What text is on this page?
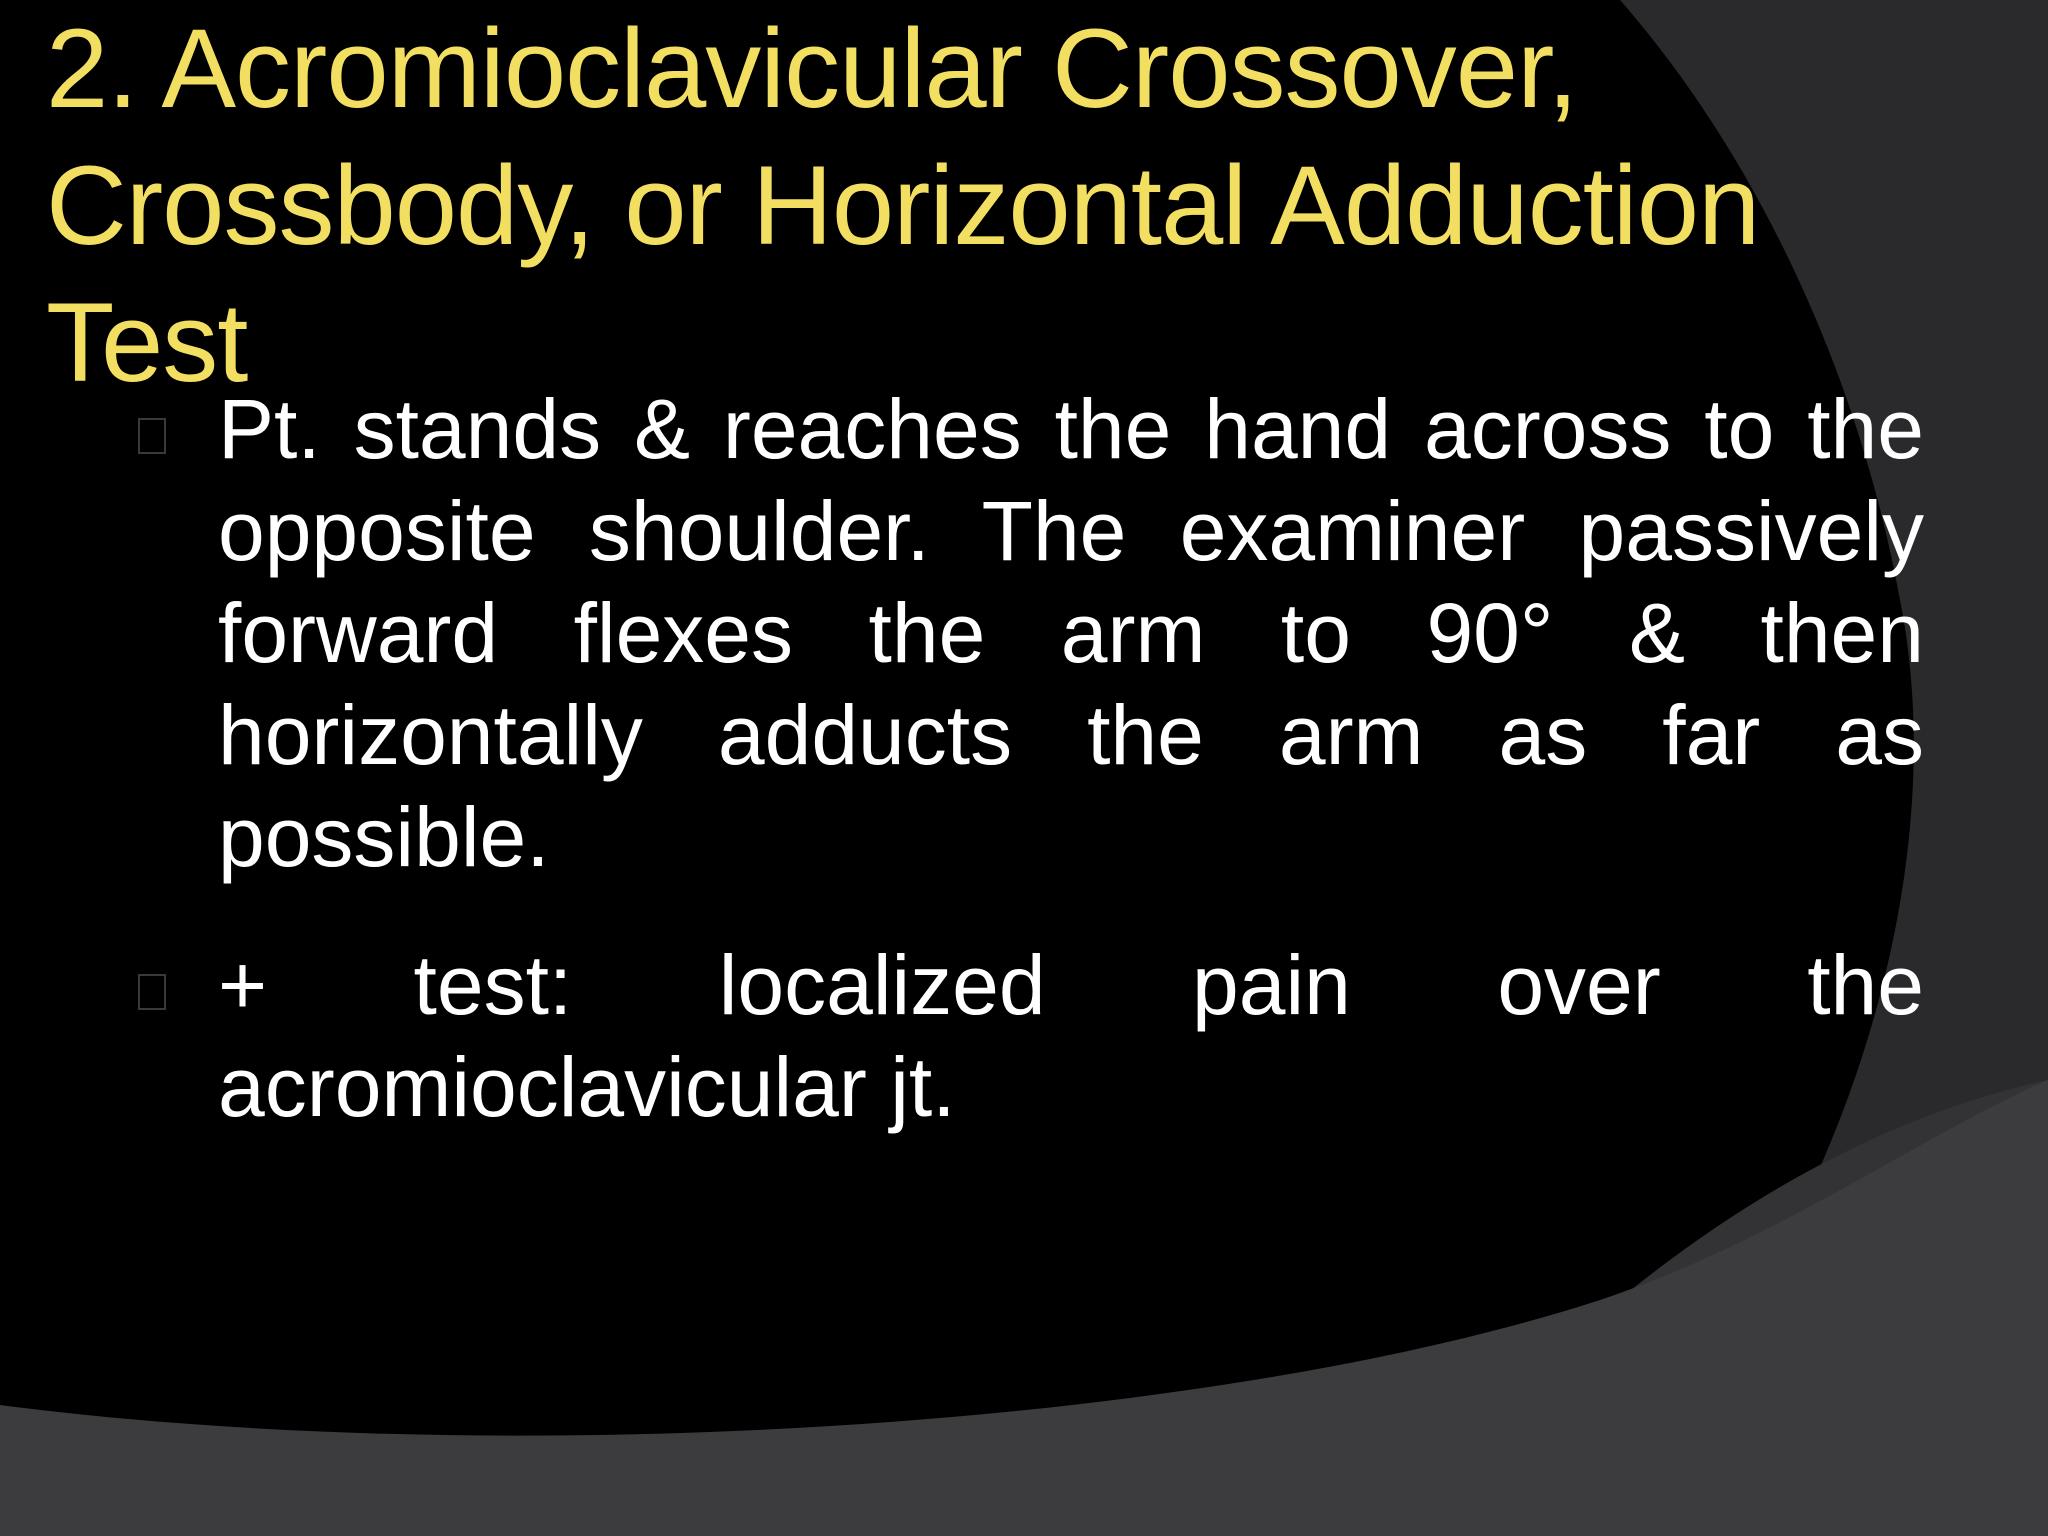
2. Acromioclavicular Crossover, Crossbody, or Horizontal Adduction Test
Pt. stands & reaches the hand across to the opposite shoulder. The examiner passively forward flexes the arm to 90° & then horizontally adducts the arm as far as possible.
+ test: localized pain over the acromioclavicular jt.
